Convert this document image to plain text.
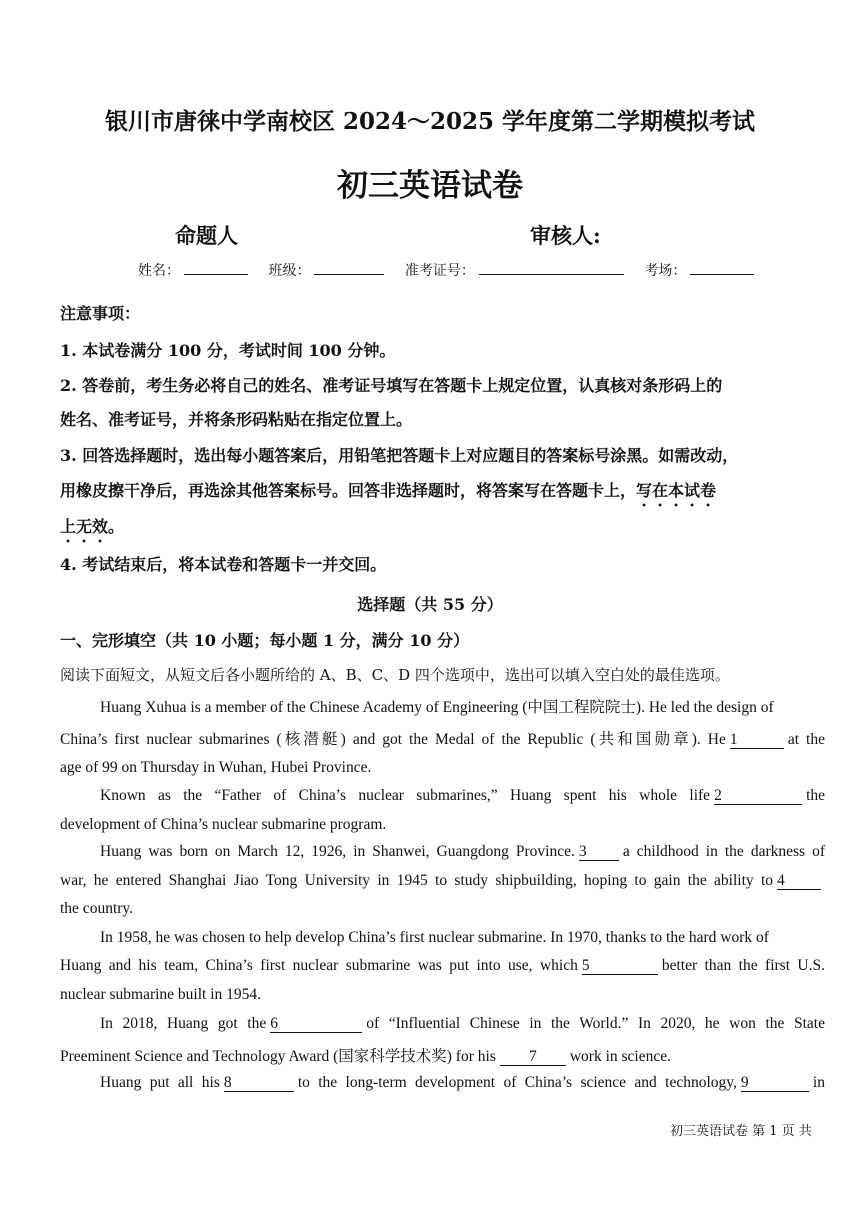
银川市唐徕中学南校区 2024～2025 学年度第二学期模拟考试
初三英语试卷
命题人	审核人:
姓名：	班级：	准考证号：	考场：
注意事项：
1. 本试卷满分 100 分，考试时间 100 分钟。
2. 答卷前，考生务必将自己的姓名、准考证号填写在答题卡上规定位置，认真核对条形码上的
姓名、准考证号，并将条形码粘贴在指定位置上。
3. 回答选择题时，选出每小题答案后，用铅笔把答题卡上对应题目的答案标号涂黑。如需改动，
用橡皮擦干净后，再选涂其他答案标号。回答非选择题时，将答案写在答题卡上，写在本试卷
上无效。
4. 考试结束后，将本试卷和答题卡一并交回。
选择题（共 55 分）
一、完形填空（共 10 小题；每小题 1 分，满分 10 分）
阅读下面短文，从短文后各小题所给的 A、B、C、D 四个选项中，选出可以填入空白处的最佳选项。
Huang Xuhua is a member of the Chinese Academy of Engineering (中国工程院院士). He led the design of
China’s first nuclear submarines (核潜艇) and got the Medal of the Republic (共和国勋章). He 1	at the
age of 99 on Thursday in Wuhan, Hubei Province.
Known as the “Father of China’s nuclear submarines,” Huang spent his whole life 2	the
development of China’s nuclear submarine program.
Huang was born on March 12, 1926, in Shanwei, Guangdong Province. 3 a childhood in the darkness of
war, he entered Shanghai Jiao Tong University in 1945 to study shipbuilding, hoping to gain the ability to 4
the country.
In 1958, he was chosen to help develop China’s first nuclear submarine. In 1970, thanks to the hard work of
Huang and his team, China’s first nuclear submarine was put into use, which 5	better than the first U.S.
nuclear submarine built in 1954.
In 2018, Huang got the 6	of “Influential Chinese in the World.” In 2020, he won the State
Preeminent Science and Technology Award (国家科学技术奖) for his 7 work in science.
Huang put all his 8	to the long-term development of China’s science and technology, 9	in
初三英语试卷 第 1 页 共
